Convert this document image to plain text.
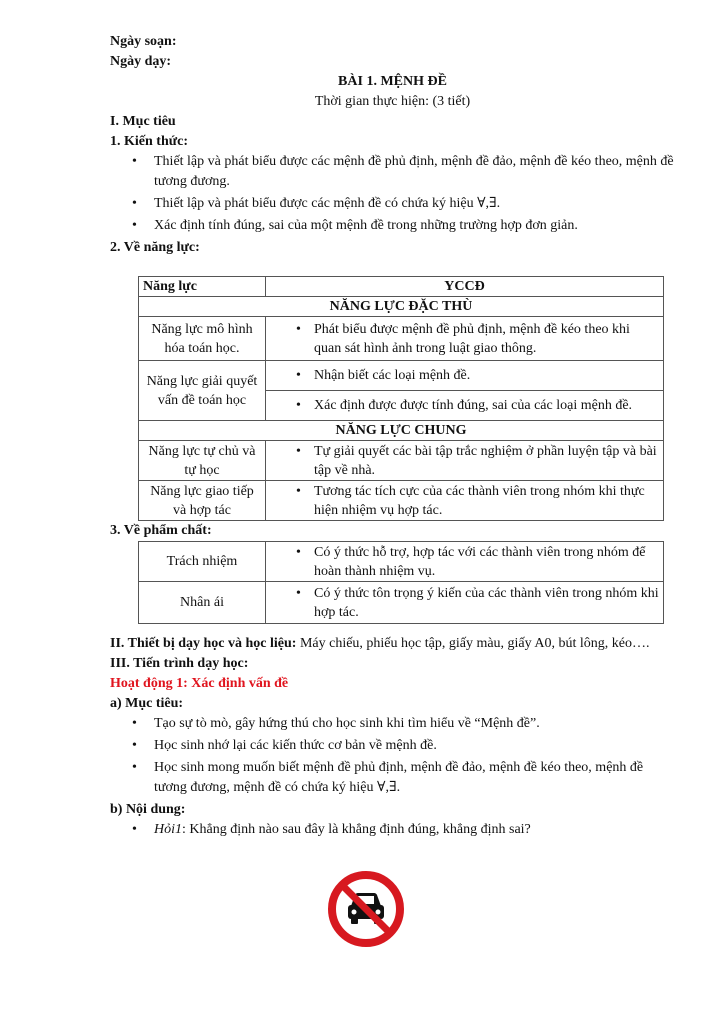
Ngày soạn:

Ngày dạy:

BÀI 1. MỆNH ĐỀ

Thời gian thực hiện: (3 tiết)

I. Mục tiêu

1. Kiến thức:

• Thiết lập và phát biểu được các mệnh đề phủ định, mệnh đề đảo, mệnh đề kéo theo, mệnh đề tương đương.
• Thiết lập và phát biểu được các mệnh đề có chứa ký hiệu ∀,∃.
• Xác định tính đúng, sai của một mệnh đề trong những trường hợp đơn giản.

2. Về năng lực:

Năng lực	YCCĐ
NĂNG LỰC ĐẶC THÙ	
Năng lực mô hình hóa toán học.	• Phát biểu được mệnh đề phủ định, mệnh đề kéo theo khi quan sát hình ảnh trong luật giao thông.

Năng lực giải quyết vấn đề toán học	• Nhận biết các loại mệnh đề.

	• Xác định được được tính đúng, sai của các loại mệnh đề.

NĂNG LỰC CHUNG	
Năng lực tự chủ và tự học	• Tự giải quyết các bài tập trắc nghiệm ở phần luyện tập và bài tập về nhà.

Năng lực giao tiếp và hợp tác	• Tương tác tích cực của các thành viên trong nhóm khi thực hiện nhiệm vụ hợp tác.

3. Về phẩm chất:

Trách nhiệm	• Có ý thức hỗ trợ, hợp tác với các thành viên trong nhóm để hoàn thành nhiệm vụ.

Nhân ái	• Có ý thức tôn trọng ý kiến của các thành viên trong nhóm khi hợp tác.

II. Thiết bị dạy học và học liệu: Máy chiếu, phiếu học tập, giấy màu, giấy A0, bút lông, kéo….

III. Tiến trình dạy học:

Hoạt động 1: Xác định vấn đề

a) Mục tiêu:

• Tạo sự tò mò, gây hứng thú cho học sinh khi tìm hiểu về “Mệnh đề”.
• Học sinh nhớ lại các kiến thức cơ bản về mệnh đề.
• Học sinh mong muốn biết mệnh đề phủ định, mệnh đề đảo, mệnh đề kéo theo, mệnh đề tương đương, mệnh đề có chứa ký hiệu ∀,∃.

b) Nội dung:

• Hỏi1: Khẳng định nào sau đây là khẳng định đúng, khẳng định sai?
